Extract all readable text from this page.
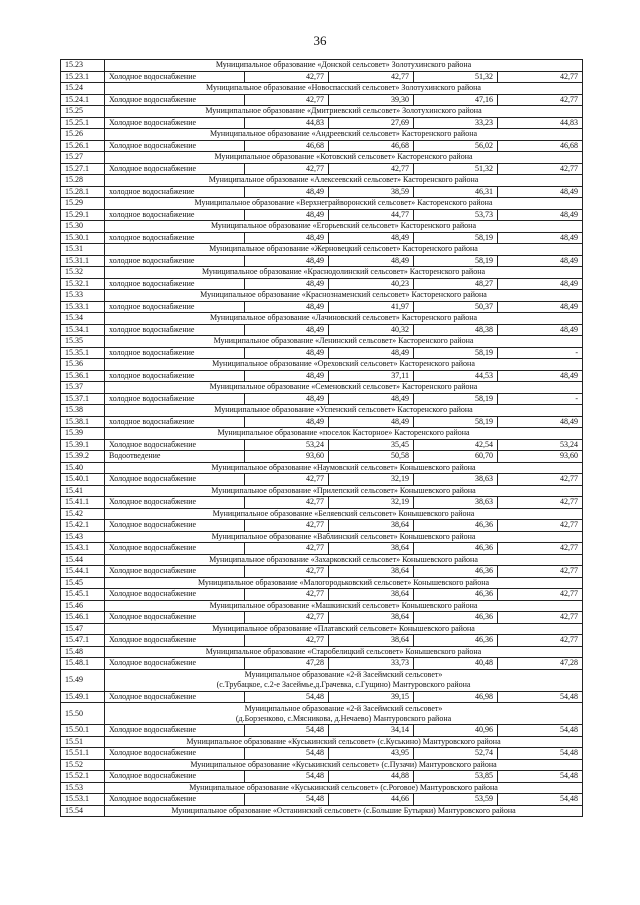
36
15.23	Муниципальное образование «Донской сельсовет» Золотухинского района				
15.23.1	Холодное водоснабжение	42,77	42,77	51,32	42,77
15.24	Муниципальное образование «Новоспасский сельсовет» Золотухинского района				
15.24.1	Холодное водоснабжение	42,77	39,30	47,16	42,77
15.25	Муниципальное образование «Дмитриевский сельсовет» Золотухинского района				
15.25.1	Холодное водоснабжение	44,83	27,69	33,23	44,83
15.26	Муниципальное образование «Андреевский сельсовет» Касторенского района				
15.26.1	Холодное водоснабжение	46,68	46,68	56,02	46,68
15.27	Муниципальное образование «Котовский сельсовет» Касторенского района				
15.27.1	Холодное водоснабжение	42,77	42,77	51,32	42,77
15.28	Муниципальное образование «Алексеевский сельсовет» Касторенского района				
15.28.1	холодное водоснабжение	48,49	38,59	46,31	48,49
15.29	Муниципальное образование «Верхнеграйворонский сельсовет» Касторенского района				
15.29.1	холодное водоснабжение	48,49	44,77	53,73	48,49
15.30	Муниципальное образование «Егорьевский сельсовет» Касторенского района				
15.30.1	холодное водоснабжение	48,49	48,49	58,19	48,49
15.31	Муниципальное образование «Жерновецкий сельсовет» Касторенского района				
15.31.1	холодное водоснабжение	48,49	48,49	58,19	48,49
15.32	Муниципальное образование «Краснодолинский сельсовет» Касторенского района				
15.32.1	холодное водоснабжение	48,49	40,23	48,27	48,49
15.33	Муниципальное образование «Краснознаменский сельсовет» Касторенского района				
15.33.1	холодное водоснабжение	48,49	41,97	50,37	48,49
15.34	Муниципальное образование «Лачиновский сельсовет» Касторенского района				
15.34.1	холодное водоснабжение	48,49	40,32	48,38	48,49
15.35	Муниципальное образование «Ленинский сельсовет» Касторенского района				
15.35.1	холодное водоснабжение	48,49	48,49	58,19	-
15.36	Муниципальное образование «Ореховский сельсовет» Касторенского района				
15.36.1	холодное водоснабжение	48,49	37,11	44,53	48,49
15.37	Муниципальное образование «Семеновский сельсовет» Касторенского района				
15.37.1	холодное водоснабжение	48,49	48,49	58,19	-
15.38	Муниципальное образование «Успенский сельсовет» Касторенского района				
15.38.1	холодное водоснабжение	48,49	48,49	58,19	48,49
15.39	Муниципальное образование «поселок Касторное» Касторенского района				
15.39.1	Холодное водоснабжение	53,24	35,45	42,54	53,24
15.39.2	Водоотведение	93,60	50,58	60,70	93,60
15.40	Муниципальное образование «Наумовский сельсовет» Конышевского района				
15.40.1	Холодное водоснабжение	42,77	32,19	38,63	42,77
15.41	Муниципальное образование «Прилепский сельсовет» Конышевского района				
15.41.1	Холодное водоснабжение	42,77	32,19	38,63	42,77
15.42	Муниципальное образование «Беляевский сельсовет» Конышевского района				
15.42.1	Холодное водоснабжение	42,77	38,64	46,36	42,77
15.43	Муниципальное образование «Ваблинский сельсовет» Конышевского района				
15.43.1	Холодное водоснабжение	42,77	38,64	46,36	42,77
15.44	Муниципальное образование «Захарковский сельсовет» Конышевского района				
15.44.1	Холодное водоснабжение	42,77	38,64	46,36	42,77
15.45	Муниципальное образование «Малогородьковский сельсовет» Конышевского района				
15.45.1	Холодное водоснабжение	42,77	38,64	46,36	42,77
15.46	Муниципальное образование «Машкинский сельсовет» Конышевского района				
15.46.1	Холодное водоснабжение	42,77	38,64	46,36	42,77
15.47	Муниципальное образование «Платавский сельсовет» Конышевского района				
15.47.1	Холодное водоснабжение	42,77	38,64	46,36	42,77
15.48	Муниципальное образование «Старобелицкий сельсовет» Конышевского района				
15.48.1	Холодное водоснабжение	47,28	33,73	40,48	47,28
15.49	Муниципальное образование «2-й Засеймский сельсовет»
(с.Трубацкое, с.2-е Засеймье,д.Грачевка, с.Гущино) Мантуровского района				

15.49.1	Холодное водоснабжение	54,48	39,15	46,98	54,48
15.50	Муниципальное образование «2-й Засеймский сельсовет»
(д.Борзенково, с.Мясникова, д.Нечаево) Мантуровского района				

15.50.1	Холодное водоснабжение	54,48	34,14	40,96	54,48
15.51	Муниципальное образование «Куськинский сельсовет» (с.Куськино) Мантуровского района				
15.51.1	Холодное водоснабжение	54,48	43,95	52,74	54,48
15.52	Муниципальное образование «Куськинский сельсовет» (с.Пузачи) Мантуровского района				
15.52.1	Холодное водоснабжение	54,48	44,88	53,85	54,48
15.53	Муниципальное образование «Куськинский сельсовет» (с.Роговое) Мантуровского района				
15.53.1	Холодное водоснабжение	54,48	44,66	53,59	54,48
15.54	Муниципальное образование «Останинский сельсовет» (с.Большие Бутырки) Мантуровского района				
